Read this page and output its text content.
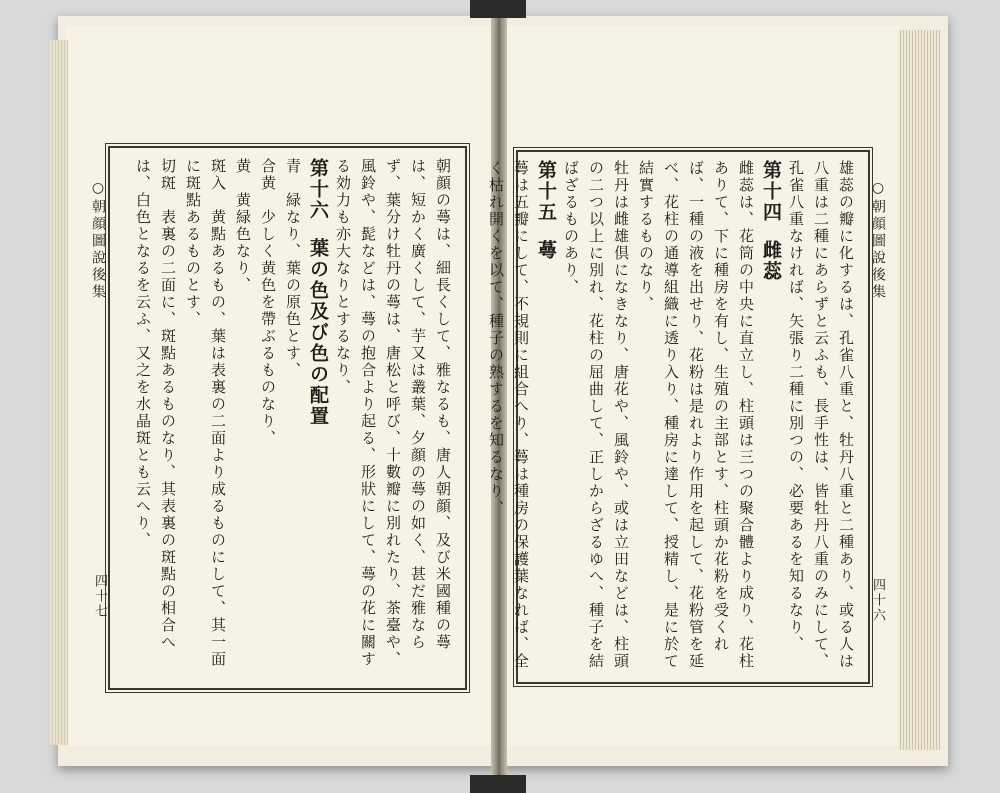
○朝顔圖說後集
四十六
雄蕊の瓣に化するは、孔雀八重と、牡丹八重と二種あり、或る人は八重は二種にあらずと云ふも、長手性は、皆牡丹八重のみにして、孔雀八重なければ、矢張り二種に別つの、必要あるを知るなり、
第十四　雌蕊
雌蕊は、花筒の中央に直立し、柱頭は三つの聚合體より成り、花柱ありて、下に種房を有し、生殖の主部とす、柱頭か花粉を受くれば、一種の液を出せり、花粉は是れより作用を起して、花粉管を延べ、花柱の通導組織に透り入り、種房に達して、授精し、是に於て結實するものなり、
牡丹は雌雄倶になきなり、唐花や、風鈴や、或は立田などは、柱頭の二つ以上に別れ、花柱の屈曲して、正しからざるゆへ、種子を結ばざるものあり、
第十五　蕚
蕚は五瓣にして、不規則に組合へり、蕚は種房の保護葉なれば、全く枯れ開くを以て、種子の熟するを知るなり、
○朝顔圖說後集
四十七	朝顔の蕚は、細長くして、雅なるも、唐人朝顔、及び米國種の蕚は、短かく廣くして、芋又は叢葉、夕顔の蕚の如く、甚だ雅ならず、葉分け牡丹の蕚は、唐松と呼び、十數瓣に別れたり、茶臺や、風鈴や、髭などは、蕚の抱合より起る、形狀にして、蕚の花に關する効力も亦大なりとするなり、
第十六　葉の色及び色の配置
青　緑なり、葉の原色とす、
合黄　少しく黄色を帶ぶるものなり、
黄　黄緑色なり、
斑入　黄點あるもの、葉は表裏の二面より成るものにして、其一面に斑點あるものとす、
切斑　表裏の二面に、斑點あるものなり、其表裏の斑點の相合へは、白色となるを云ふ、又之を水晶斑とも云へり、
